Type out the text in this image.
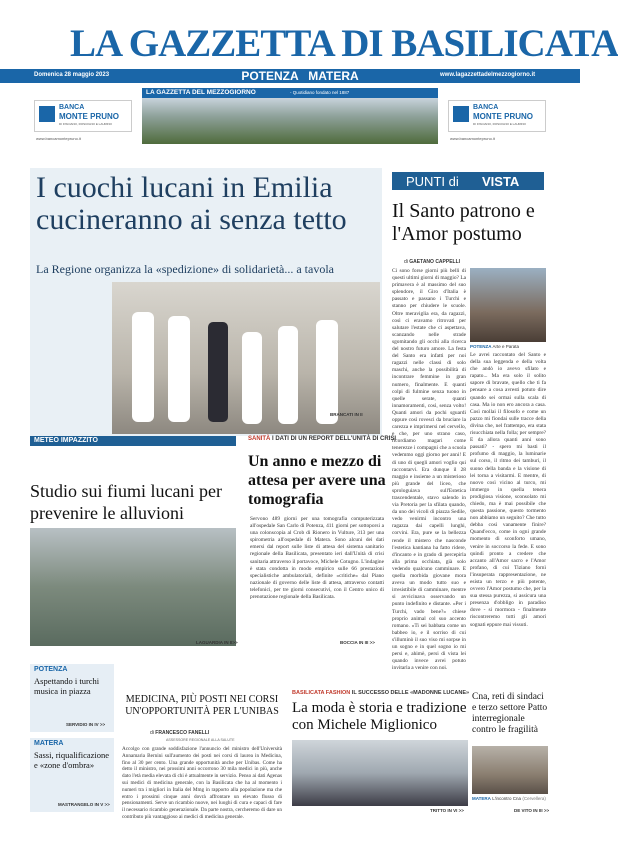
LA GAZZETTA DI BASILICATA
Domenica 28 maggio 2023	POTENZA   MATERA	www.lagazzettadelmezzogiorno.it
BANCA
MONTE PRUNO
DI FISCIANO, ROSCIGNO E LAURINO
www.bancamontepruno.it
LA GAZZETTA DEL MEZZOGIORNO	- Quotidiano fondato nel 1887
BANCA
MONTE PRUNO
DI FISCIANO, ROSCIGNO E LAURINO
www.bancamontepruno.it
I cuochi lucani in Emilia cucineranno ai senza tetto
La Regione organizza la «spedizione» di solidarietà... a tavola
BRANCATI IN II
METEO IMPAZZITO
Studio sui fiumi lucani per prevenire le alluvioni
LAGUARDIA IN II>>
SANITÀ I DATI DI UN REPORT DELL'UNITÀ DI CRISI
Un anno e mezzo di attesa per avere una tomografia
Servono 489 giorni per una tomografia computerizzata all'ospedale San Carlo di Potenza, 411 giorni per sottoporsi a una colonscopia al Crob di Rionero in Vulture, 313 per una spirometria all'ospedale di Matera. Sono alcuni dei dati emersi dal report sulle liste di attesa del sistema sanitario regionale della Basilicata, presentato ieri dall'Unità di crisi sanitaria attraverso il portavoce, Michele Cotugno. L'indagine è stata condotta in modo empirico sulle 66 prestazioni specialistiche ambulatoriali, definite «critiche» dal Piano nazionale di governo delle liste di attesa, attraverso contatti telefonici, per tre giorni consecutivi, con il Centro unico di prenotazione regionale della Basilicata.
BOCCIA IN III >>
PUNTI di VISTA
Il Santo patrono e l'Amor postumo
di GAETANO CAPPELLI
Ci sono forse giorni più belli di questi ultimi giorni di maggio? La primavera è al massimo del suo splendore, il Giro d'Italia è passato e passano i Turchi e stanno per chiudere le scuole. Oltre meraviglia era, da ragazzi, così ci eravamo ritrovati per salutare l'estate che ci aspettava, scanzando nelle strade sgomitando gli occhi alla ricerca del nostro futuro amore. La festa del Santo era infatti per noi ragazzi nelle classi di solo maschi, anche la possibilità di incontrare femmine in gran numero, finalmente. E quanti colpi di fulmine senza tuono in quelle serate, quanti innamoramenti, così, senza volto! Quanti amori da pochi sguardi oppure così rovesci da bruciare la carezza e imprimersi nel cervello, e che, per uno strano caso, ricordiamo magari come tenerezze i compagni che a scuola vedemmo oggi giorno per anni! E di uno di quegli amori voglio qui raccontarvi. Era dunque il 28 maggio e insieme a un misterioso più grande del liceo, che sprologuiava sull'Estetica trascendentale, stavo salendo in via Pretoria per la sfilata quando, da uno dei vicoli di piazza Sedile, vedo venirmi incontro una ragazza dai capelli lunghi, corvini. Era, pure se la bellezza rende il mistero che nasconde l'estetica kantiana ha fatto ridere, d'incanto e in grado di percepirla alla prima occhiata, già solo vedendo qualcuno camminare. E quella morbida giovane mora aveva un modo tutto suo e irresistibile di camminare, mentre si avvicinava osservando un punto indefinito e distante. «Per i Turchi, vado bene?» chiese proprio animal col suo accento romano. «Ti sei babbata come un babbeo io, e il sorriso di cui s'illuminò il suo viso mi sorpse in un sogno e in quel sogno io mi persi e, ahimè, persi di vista lei quando invece avrei potuto invitarla a venire con noi.
POTENZA Arte e Parata
Le avrei raccontato del Santo e della sua leggenda e della volta che andò io avevo sfilato e rapato... Ma era solo il solito sapore di bravate, quello che ti fa pensare a cosa avresti potuto dire quando sei ormai sulla scala di casa. Ma io non ero ancora a casa. Così mollai il filosofo e come un pazzo mi fiondai sulle tracce della divina che, nel frattempo, era stata risucchiata nella folla; per sempre? E da allora quanti anni sono passati? - spero mi basti il profumo di maggio, la luminarie sul corso, il ritmo dei tamburi, il suono della banda e la visione di lei torna a visitarmi. E mentre, di nuovo così vicino al turco, mi immergo in quella tenera prodigiosa visione, sconsolato mi chiedo, ma è mai possibile che questa passione, questo tormento non abbiamo un seguito? Che tutto debba così vanamente finire? Quand'ecco, come in ogni grande momento di sconforto umano, venire in soccorso la fede. E sono quindi pronto a credere che accanto all'Amor sacro e l'Amor profano, di cui Tiziano fornì l'insuperata rappresentazione, ne esista un terzo e più potente, ovvero l'Amor postumo che, per la sua stessa purezza, si assicura una presenza d'obbligo in paradiso dove - si mormora - finalmente riscontreremo tutti gli amori sognati eppure mai vissuti.
POTENZA
Aspettando i turchi musica in piazza
SERVIDIO IN IV >>
MATERA
Sassi, riqualificazione e «zone d'ombra»
MASTRANGELO IN V >>
MEDICINA, PIÙ POSTI NEI CORSI UN'OPPORTUNITÀ PER L'UNIBAS
di FRANCESCO FANELLI
ASSESSORE REGIONALE ALLA SALUTE
Accolgo con grande soddisfazione l'annuncio del ministro dell'Università Annamaria Bernini sull'aumento dei posti nei corsi di laurea in Medicina, fino al 30 per cento. Una grande opportunità anche per Unibas. Come ha detto il ministro, nei prossimi anni occorrono 30 mila medici in più, anche dato l'età media elevata di chi è attualmente in servizio. Penso ai dati Agenas sui medici di medicina generale, con la Basilicata che ha al momento i numeri tra i migliori in Italia del Mmg in rapporto alla popolazione ma che entro i prossimi cinque anni dovrà affrontare un elevato flusso di pensionamenti. Serve un ricambio nuove, nei luoghi di cura e capaci di fare il necessario ricambio generazionale. Da parte nostra, cercheremo di dare un contributo più vantaggioso ai medici di medicina generale.
BASILICATA FASHION IL SUCCESSO DELLE «MADONNE LUCANE»
La moda è storia e tradizione con Michele Miglionico
TRITTO IN VI >>
Cna, reti di sindaci e terzo settore Patto interregionale contro le fragilità
MATERA L'incontro Cna (Cervellera)
DE VITO IN III >>
